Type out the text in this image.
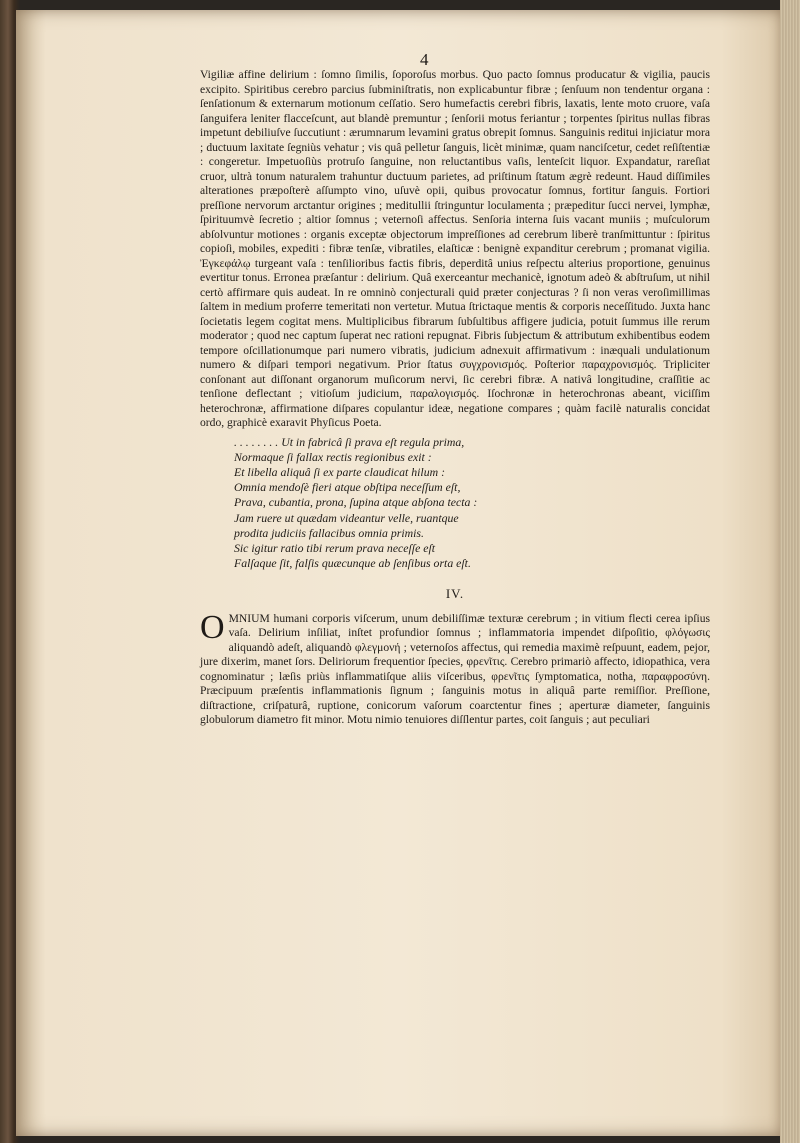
4

Vigiliæ affine delirium : ſomno ſimilis, ſoporoſus morbus. Quo pacto ſomnus producatur & vigilia, paucis excipito. Spiritibus cerebro parcius ſubminiſtratis, non explicabuntur fibræ ; ſenſuum non tendentur organa : ſenſationum & externarum motionum ceſſatio. Sero humefactis cerebri fibris, laxatis, lente moto cruore, vaſa ſanguifera leniter flacceſcunt, aut blandè premuntur ; ſenſorii motus feriantur ; torpentes ſpiritus nullas fibras impetunt debiliuſve ſuccutiunt : ærumnarum levamini gratus obrepit ſomnus. Sanguinis reditui injiciatur mora ; ductuum laxitate ſegniùs vehatur ; vis quâ pelletur ſanguis, licèt minimæ, quam nanciſcetur, cedet reſiſtentiæ : congeretur. Impetuoſiùs protruſo ſanguine, non reluctantibus vaſis, lenteſcit liquor. Expandatur, rareſiat cruor, ultrà tonum naturalem trahuntur ductuum parietes, ad priſtinum ſtatum ægrè redeunt. Haud diſſimiles alterationes præpoſterè aſſumpto vino, uſuvè opii, quibus provocatur ſomnus, fortitur ſanguis. Fortiori preſſione nervorum arctantur origines ; meditullii ſtringuntur loculamenta ; præpeditur ſucci nervei, lymphæ, ſpirituumvè ſecretio ; altior ſomnus ; veternoſi affectus. Senſoria interna ſuis vacant muniis ; muſculorum abſolvuntur motiones : organis exceptæ objectorum impreſſiones ad cerebrum liberè tranſmittuntur : ſpiritus copioſi, mobiles, expediti : fibræ tenſæ, vibratiles, elaſticæ : benignè expanditur cerebrum ; promanat vigilia. Ἐγκεφάλῳ turgeant vaſa : tenſilioribus factis fibris, deperditâ unius reſpectu alterius proportione, genuinus evertitur tonus. Erronea præſantur : delirium. Quâ exerceantur mechanicè, ignotum adeò & abſtruſum, ut nihil certò affirmare quis audeat. In re omninò conjecturali quid præter conjecturas ? ſi non veras veroſimillimas ſaltem in medium proferre temeritati non vertetur. Mutua ſtrictaque mentis & corporis neceſſitudo. Juxta hanc ſocietatis legem cogitat mens. Multiplicibus fibrarum ſubſultibus affigere judicia, potuit ſummus ille rerum moderator ; quod nec captum ſuperat nec rationi repugnat. Fibris ſubjectum & attributum exhibentibus eodem tempore oſcillationumque pari numero vibratis, judicium adnexuit affirmativum : inæquali undulationum numero & diſpari tempori negativum. Prior ſtatus συγχρονισμός. Poſterior παραχρονισμός. Tripliciter conſonant aut diſſonant organorum muſicorum nervi, ſic cerebri fibræ. A nativâ longitudine, craſſitie ac tenſione deflectant ; vitioſum judicium, παραλογισμός. Iſochronæ in heterochronas abeant, viciſſim heterochronæ, affirmatione diſpares copulantur ideæ, negatione compares ; quàm facilè naturalis concidat ordo, graphicè exaravit Phyſicus Poeta.

. . . . . . . . Ut in fabricâ ſi prava eſt regula prima,
Normaque ſi fallax rectis regionibus exit :
Et libella aliquâ ſi ex parte claudicat hilum :
Omnia mendoſè fieri atque obſtipa neceſſum eſt,
Prava, cubantia, prona, ſupina atque abſona tecta :
Jam ruere ut quædam videantur velle, ruantque
prodita judiciis fallacibus omnia primis.
Sic igitur ratio tibi rerum prava neceſſe eſt
Falſaque ſit, falſis quæcunque ab ſenſibus orta eſt.
IV.

OMNIUM humani corporis viſcerum, unum debiliſſimæ texturæ cerebrum ; in vitium flecti cerea ipſius vaſa. Delirium inſiliat, inſtet profundior ſomnus ; inflammatoria impendet diſpoſitio, φλόγωσις aliquandò adeſt, aliquandò φλεγμονή ; veternoſos affectus, qui remedia maximè reſpuunt, eadem, pejor, jure dixerim, manet ſors. Deliriorum frequentior ſpecies, φρενῖτις. Cerebro primariò affecto, idiopathica, vera cognominatur ; læſis priùs inflammatiſque aliis viſceribus, φρενῖτις ſymptomatica, notha, παραφροσύνη. Præcipuum præſentis inflammationis ſignum ; ſanguinis motus in aliquâ parte remiſſior. Preſſione, diſtractione, criſpaturâ, ruptione, conicorum vaſorum coarctentur fines ; aperturæ diameter, ſanguinis globulorum diametro fit minor. Motu nimio tenuiores diſſlentur partes, coit ſanguis ; aut peculiari
